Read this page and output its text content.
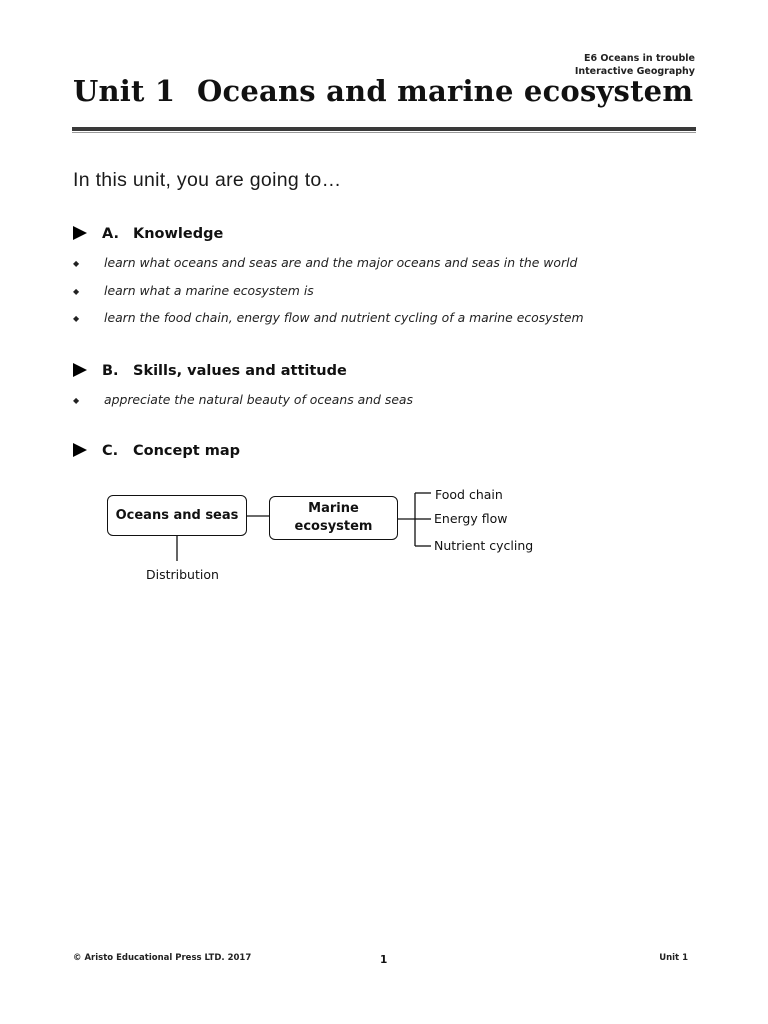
E6 Oceans in trouble
Interactive Geography
Unit 1 Oceans and marine ecosystem
In this unit, you are going to…
A. Knowledge
◆ learn what oceans and seas are and the major oceans and seas in the world
◆ learn what a marine ecosystem is
◆ learn the food chain, energy flow and nutrient cycling of a marine ecosystem
B. Skills, values and attitude
◆ appreciate the natural beauty of oceans and seas
C. Concept map
Oceans and seas	Marine
ecosystem
Food chain
Energy flow
Nutrient cycling
Distribution
© Aristo Educational Press LTD. 2017	1	Unit 1
